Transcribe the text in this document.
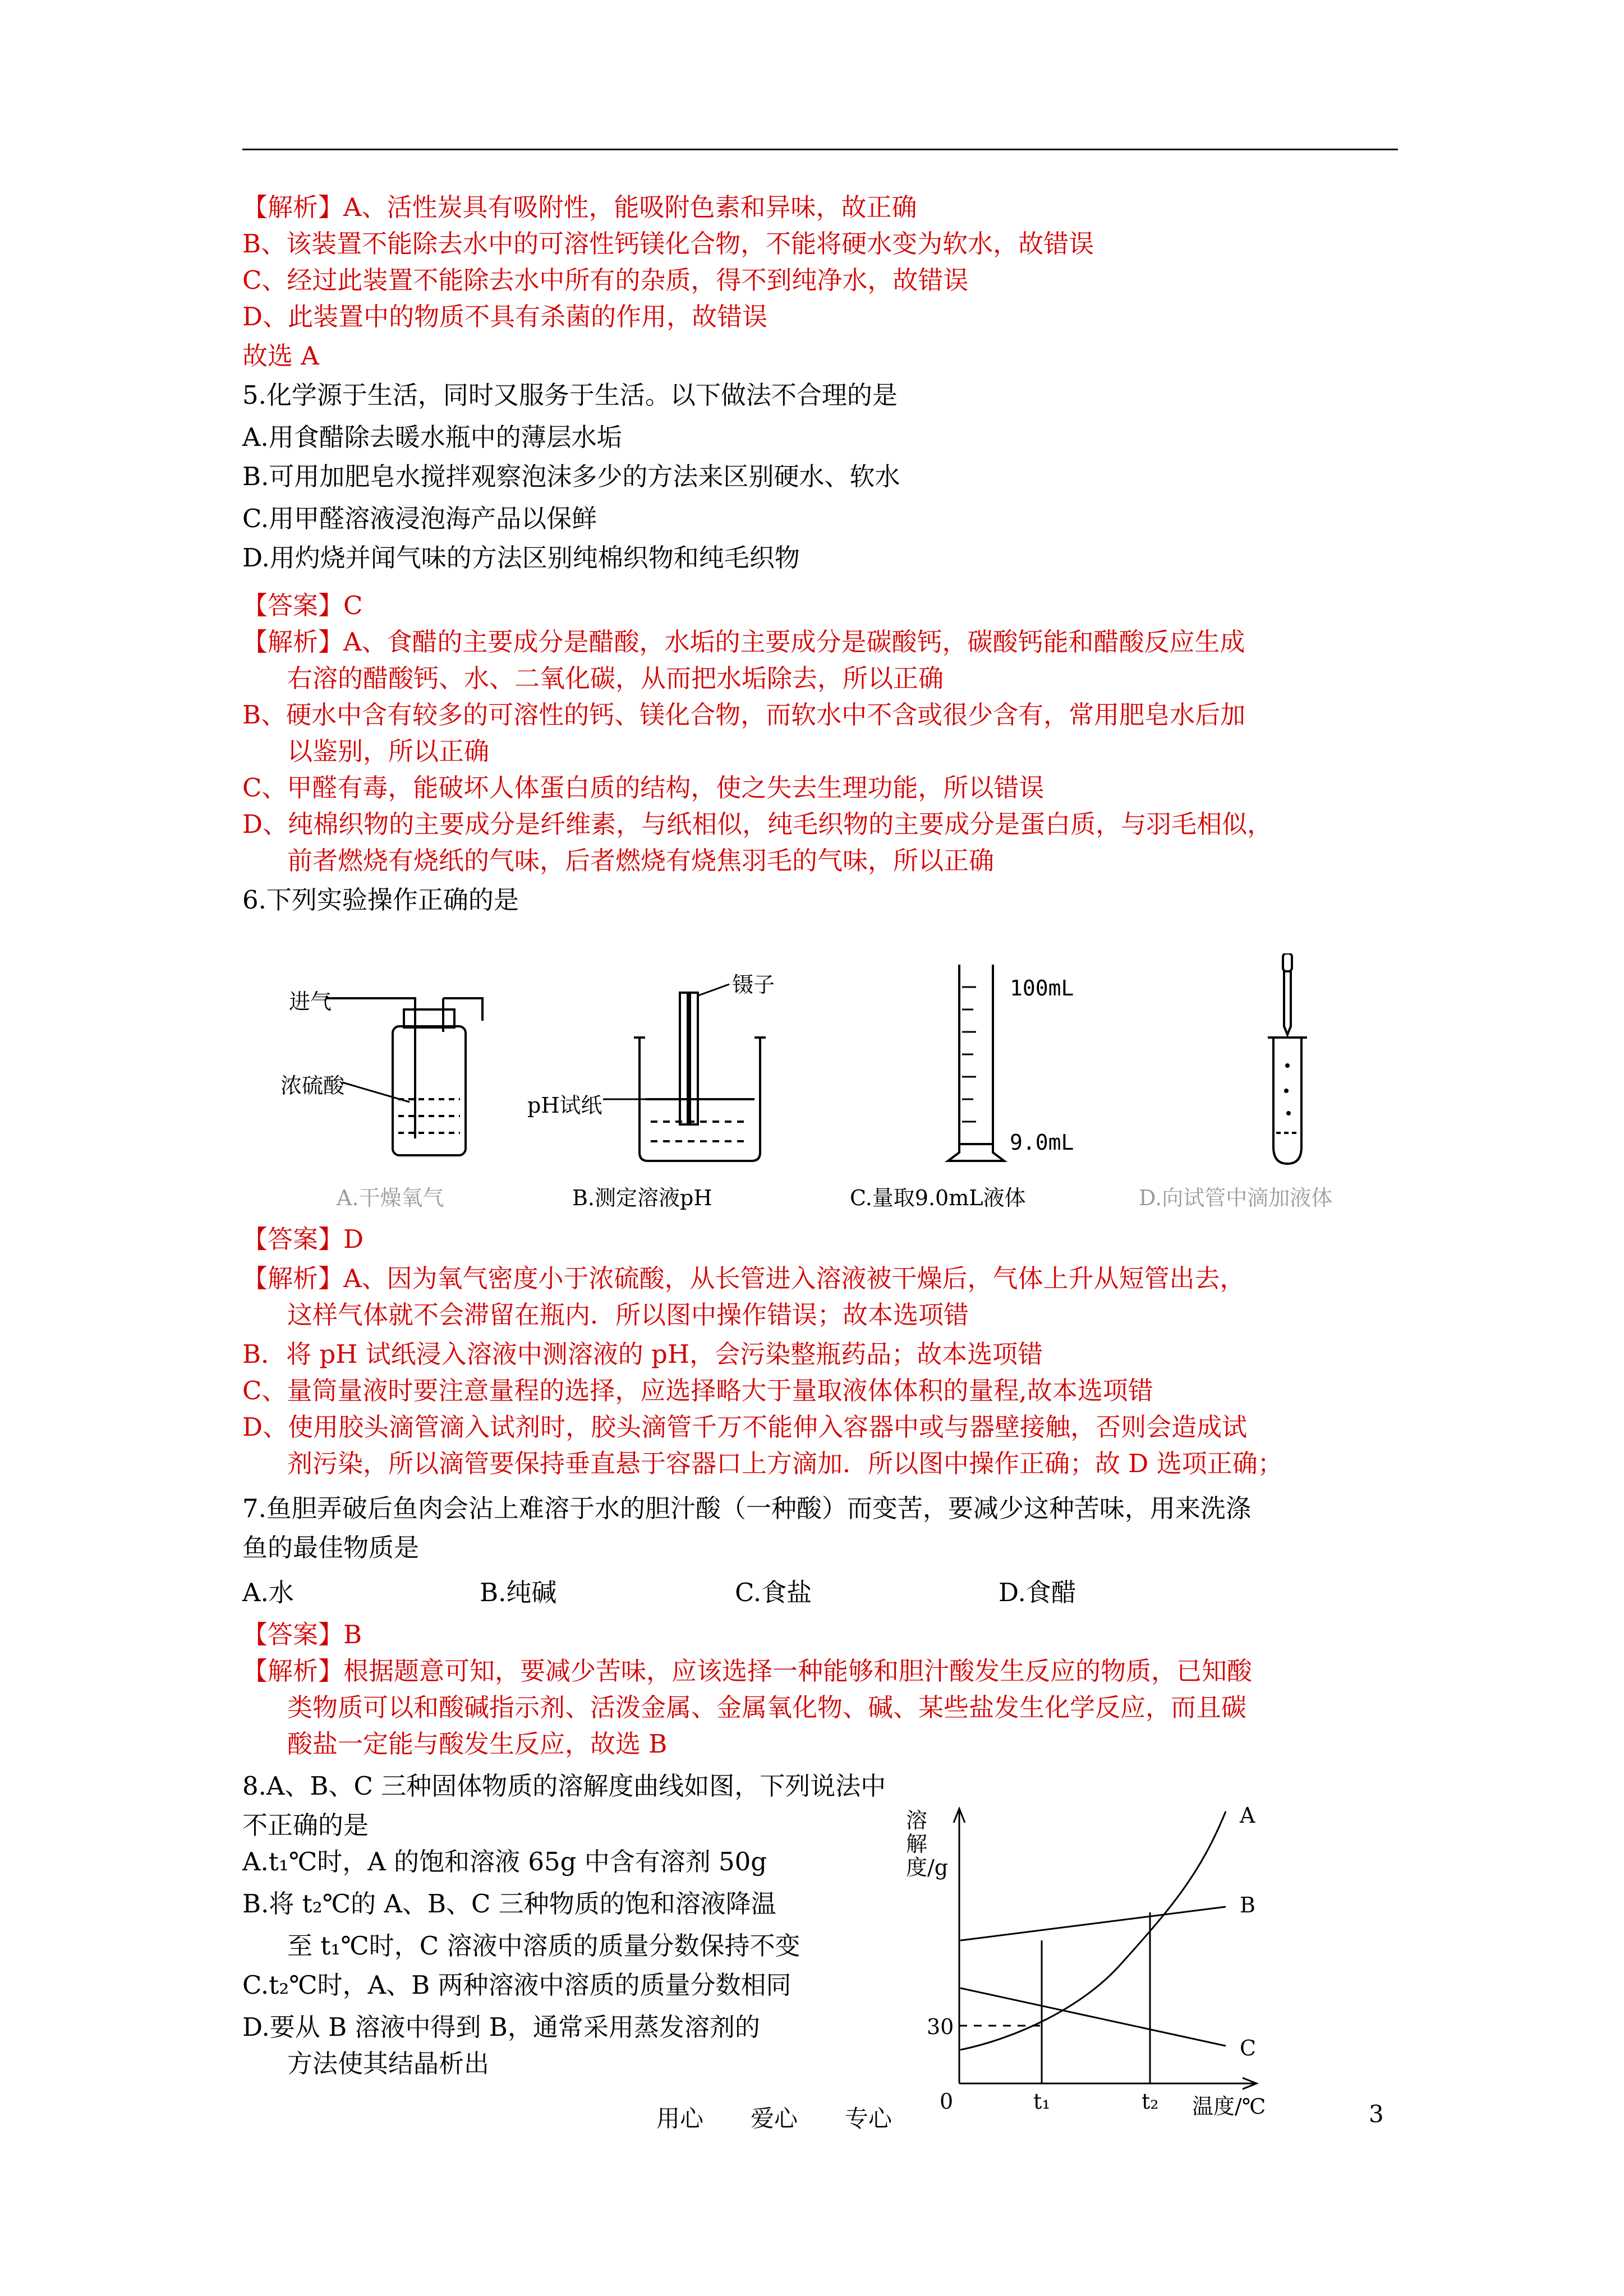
【解析】A、活性炭具有吸附性，能吸附色素和异味，故正确
B、该装置不能除去水中的可溶性钙镁化合物，不能将硬水变为软水，故错误
C、经过此装置不能除去水中所有的杂质，得不到纯净水，故错误
D、此装置中的物质不具有杀菌的作用，故错误
故选 A
5.化学源于生活，同时又服务于生活。以下做法不合理的是
A.用食醋除去暖水瓶中的薄层水垢
B.可用加肥皂水搅拌观察泡沫多少的方法来区别硬水、软水
C.用甲醛溶液浸泡海产品以保鲜
D.用灼烧并闻气味的方法区别纯棉织物和纯毛织物
【答案】C
【解析】A、食醋的主要成分是醋酸，水垢的主要成分是碳酸钙，碳酸钙能和醋酸反应生成
右溶的醋酸钙、水、二氧化碳，从而把水垢除去，所以正确
B、硬水中含有较多的可溶性的钙、镁化合物，而软水中不含或很少含有，常用肥皂水后加
以鉴别，所以正确
C、甲醛有毒，能破坏人体蛋白质的结构，使之失去生理功能，所以错误
D、纯棉织物的主要成分是纤维素，与纸相似，纯毛织物的主要成分是蛋白质，与羽毛相似，
前者燃烧有烧纸的气味，后者燃烧有烧焦羽毛的气味，所以正确
6.下列实验操作正确的是
【答案】D
【解析】A、因为氧气密度小于浓硫酸，从长管进入溶液被干燥后，气体上升从短管出去，
这样气体就不会滞留在瓶内．所以图中操作错误；故本选项错
B．将 pH 试纸浸入溶液中测溶液的 pH，会污染整瓶药品；故本选项错
C、量筒量液时要注意量程的选择，应选择略大于量取液体体积的量程,故本选项错
D、使用胶头滴管滴入试剂时，胶头滴管千万不能伸入容器中或与器壁接触，否则会造成试
剂污染，所以滴管要保持垂直悬于容器口上方滴加．所以图中操作正确；故 D 选项正确；
7.鱼胆弄破后鱼肉会沾上难溶于水的胆汁酸（一种酸）而变苦，要减少这种苦味，用来洗涤
鱼的最佳物质是
【答案】B
【解析】根据题意可知，要减少苦味，应该选择一种能够和胆汁酸发生反应的物质，已知酸
类物质可以和酸碱指示剂、活泼金属、金属氧化物、碱、某些盐发生化学反应，而且碳
酸盐一定能与酸发生反应，故选 B
8.A、B、C 三种固体物质的溶解度曲线如图，下列说法中
不正确的是
A.t₁℃时，A 的饱和溶液 65g 中含有溶剂 50g
B.将 t₂℃的 A、B、C 三种物质的饱和溶液降温
至 t₁℃时，C 溶液中溶质的质量分数保持不变
C.t₂℃时，A、B 两种溶液中溶质的质量分数相同
D.要从 B 溶液中得到 B，通常采用蒸发溶剂的
方法使其结晶析出
A.水	B.纯碱	C.食盐	D.食醋
进气
浓硫酸
镊子
pH试纸
100mL
9.0mL
A.干燥氧气	B.测定溶液pH	C.量取9.0mL液体	D.向试管中滴加液体
溶解度/g
30
0	t₁	t₂ 温度/℃
A
B
C
用心　　爱心　　专心	3
